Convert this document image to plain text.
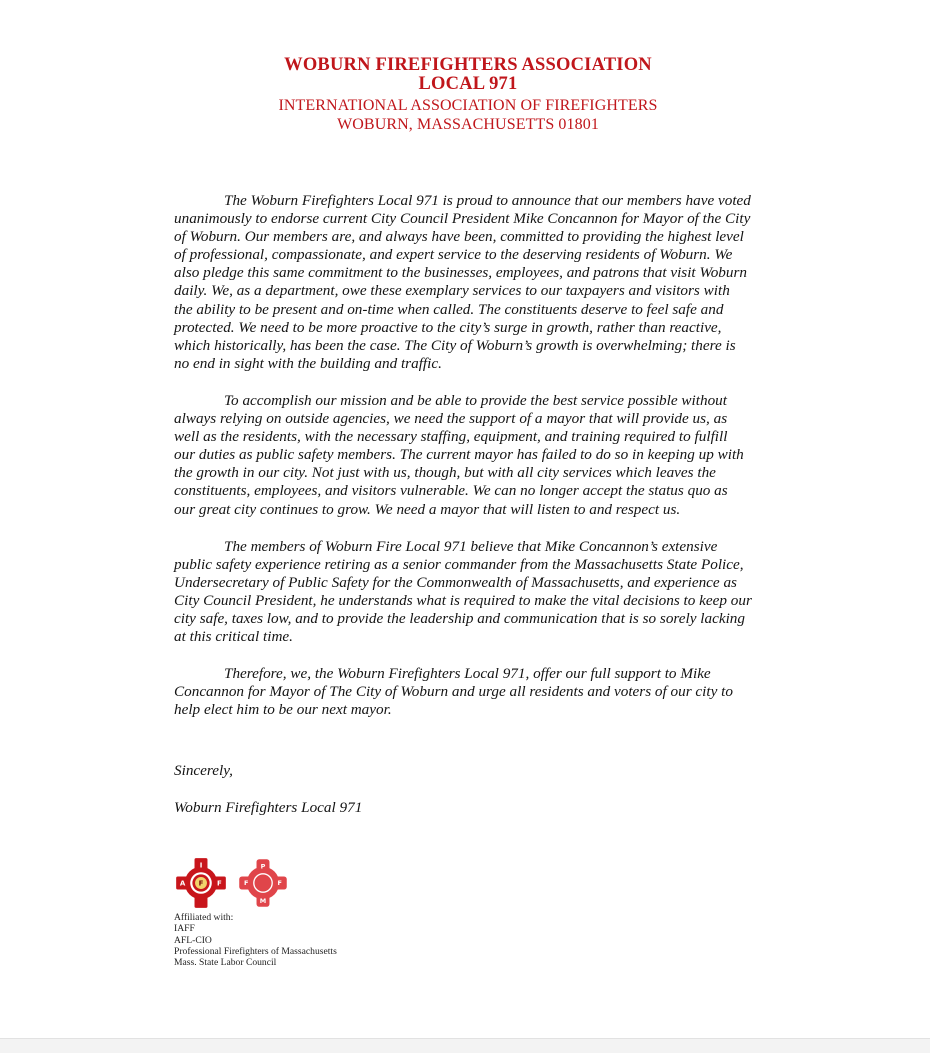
WOBURN FIREFIGHTERS ASSOCIATION
LOCAL 971
INTERNATIONAL ASSOCIATION OF FIREFIGHTERS
WOBURN, MASSACHUSETTS 01801

The Woburn Firefighters Local 971 is proud to announce that our members have voted unanimously to endorse current City Council President Mike Concannon for Mayor of the City of Woburn. Our members are, and always have been, committed to providing the highest level of professional, compassionate, and expert service to the deserving residents of Woburn. We also pledge this same commitment to the businesses, employees, and patrons that visit Woburn daily. We, as a department, owe these exemplary services to our taxpayers and visitors with the ability to be present and on-time when called. The constituents deserve to feel safe and protected. We need to be more proactive to the city’s surge in growth, rather than reactive, which historically, has been the case. The City of Woburn’s growth is overwhelming; there is no end in sight with the building and traffic.

To accomplish our mission and be able to provide the best service possible without always relying on outside agencies, we need the support of a mayor that will provide us, as well as the residents, with the necessary staffing, equipment, and training required to fulfill our duties as public safety members. The current mayor has failed to do so in keeping up with the growth in our city. Not just with us, though, but with all city services which leaves the constituents, employees, and visitors vulnerable. We can no longer accept the status quo as our great city continues to grow. We need a mayor that will listen to and respect us.

The members of Woburn Fire Local 971 believe that Mike Concannon’s extensive public safety experience retiring as a senior commander from the Massachusetts State Police, Undersecretary of Public Safety for the Commonwealth of Massachusetts, and experience as City Council President, he understands what is required to make the vital decisions to keep our city safe, taxes low, and to provide the leadership and communication that is so sorely lacking at this critical time.

Therefore, we, the Woburn Firefighters Local 971, offer our full support to Mike Concannon for Mayor of The City of Woburn and urge all residents and voters of our city to help elect him to be our next mayor.

Sincerely,
Woburn Firefighters Local 971
I
A F
F
P
F F
M
Affiliated with:
IAFF
AFL-CIO
Professional Firefighters of Massachusetts
Mass. State Labor Council
